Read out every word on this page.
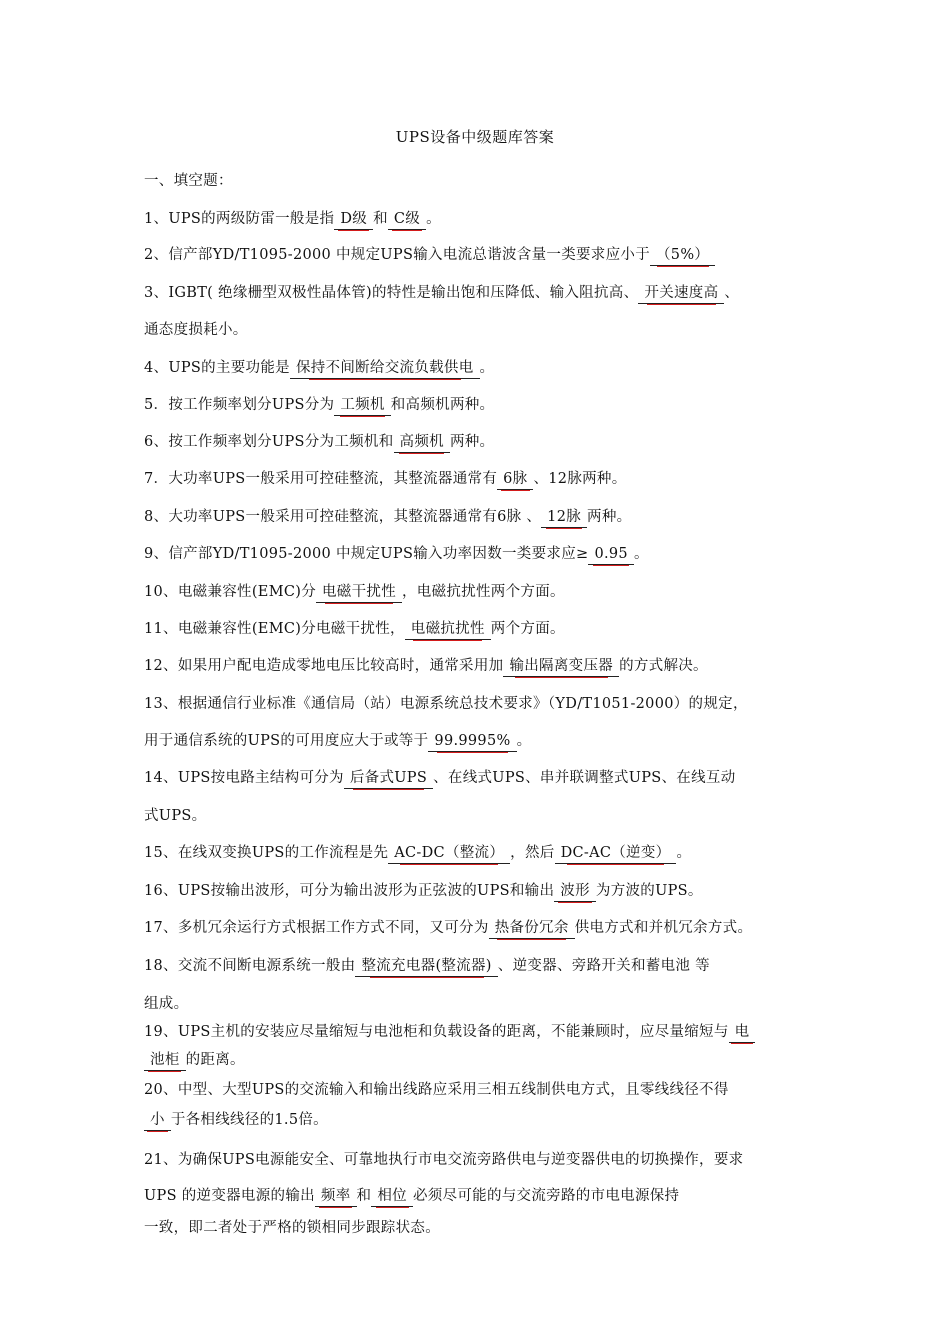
UPS设备中级题库答案
一、填空题：
1、UPS的两级防雷一般是指 D级 和 C级 。
2、信产部YD/T1095-2000 中规定UPS输入电流总谐波含量一类要求应小于 （5%）
3、IGBT( 绝缘栅型双极性晶体管)的特性是输出饱和压降低、输入阻抗高、 开关速度高 、
通态度损耗小。
4、UPS的主要功能是 保持不间断给交流负载供电 。
5．按工作频率划分UPS分为 工频机 和高频机两种。
6、按工作频率划分UPS分为工频机和 高频机 两种。
7．大功率UPS一般采用可控硅整流，其整流器通常有 6脉 、12脉两种。
8、大功率UPS一般采用可控硅整流，其整流器通常有6脉 、 12脉 两种。
9、信产部YD/T1095-2000 中规定UPS输入功率因数一类要求应≥ 0.95 。
10、电磁兼容性(EMC)分 电磁干扰性 ，电磁抗扰性两个方面。
11、电磁兼容性(EMC)分电磁干扰性， 电磁抗扰性 两个方面。
12、如果用户配电造成零地电压比较高时，通常采用加 输出隔离变压器 的方式解决。
13、根据通信行业标准《通信局（站）电源系统总技术要求》（YD/T1051-2000）的规定，
用于通信系统的UPS的可用度应大于或等于 99.9995% 。
14、UPS按电路主结构可分为 后备式UPS 、在线式UPS、串并联调整式UPS、在线互动
式UPS。
15、在线双变换UPS的工作流程是先 AC-DC（整流） ，然后 DC-AC（逆变） 。
16、UPS按输出波形，可分为输出波形为正弦波的UPS和输出 波形 为方波的UPS。
17、多机冗余运行方式根据工作方式不同，又可分为 热备份冗余 供电方式和并机冗余方式。
18、交流不间断电源系统一般由 整流充电器(整流器) 、逆变器、旁路开关和蓄电池 等
组成。
19、UPS主机的安装应尽量缩短与电池柜和负载设备的距离，不能兼顾时，应尽量缩短与 电
池柜 的距离。
20、中型、大型UPS的交流输入和输出线路应采用三相五线制供电方式，且零线线径不得
小 于各相线线径的1.5倍。
21、为确保UPS电源能安全、可靠地执行市电交流旁路供电与逆变器供电的切换操作，要求
UPS 的逆变器电源的输出 频率 和 相位 必须尽可能的与交流旁路的市电电源保持
一致，即二者处于严格的锁相同步跟踪状态。
